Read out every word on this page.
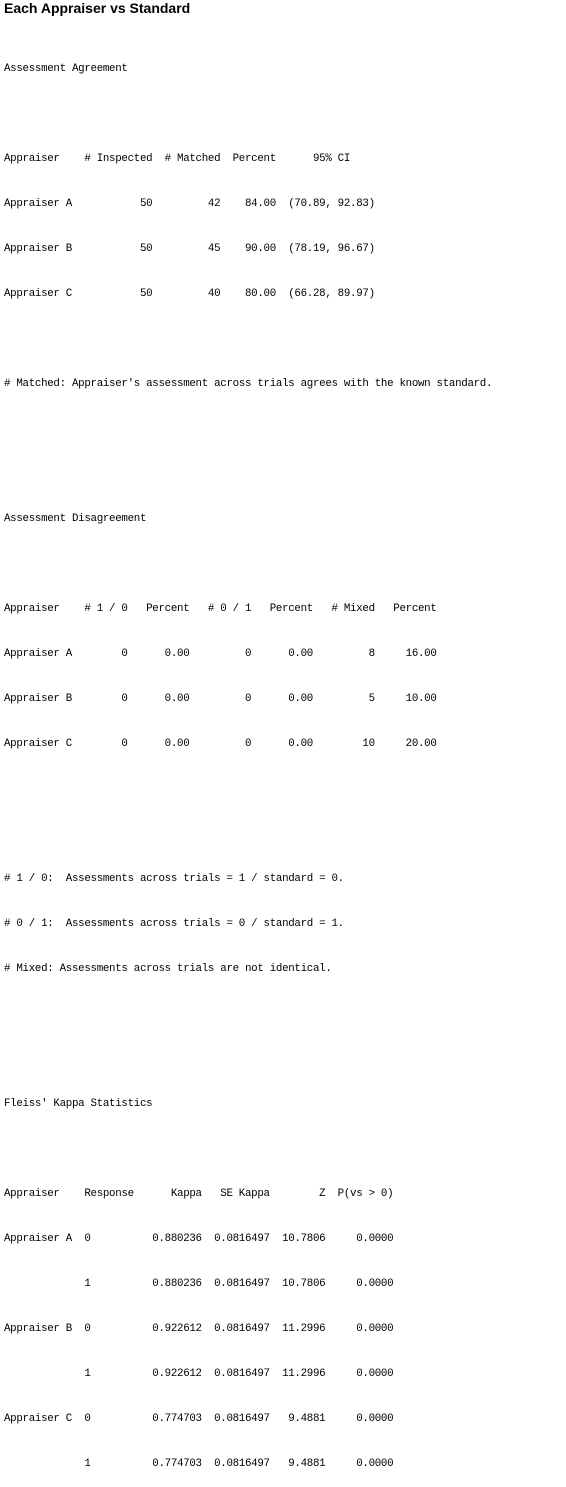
Each Appraiser vs Standard

Assessment Agreement

Appraiser    # Inspected  # Matched  Percent      95% CI

Appraiser A           50         42    84.00  (70.89, 92.83)

Appraiser B           50         45    90.00  (78.19, 96.67)

Appraiser C           50         40    80.00  (66.28, 89.97)

# Matched: Appraiser's assessment across trials agrees with the known standard.

Assessment Disagreement

Appraiser    # 1 / 0   Percent   # 0 / 1   Percent   # Mixed   Percent

Appraiser A        0      0.00         0      0.00         8     16.00

Appraiser B        0      0.00         0      0.00         5     10.00

Appraiser C        0      0.00         0      0.00        10     20.00

# 1 / 0:  Assessments across trials = 1 / standard = 0.

# 0 / 1:  Assessments across trials = 0 / standard = 1.

# Mixed: Assessments across trials are not identical.

Fleiss' Kappa Statistics

Appraiser    Response      Kappa   SE Kappa        Z  P(vs > 0)

Appraiser A  0          0.880236  0.0816497  10.7806     0.0000

1          0.880236  0.0816497  10.7806     0.0000

Appraiser B  0          0.922612  0.0816497  11.2996     0.0000

1          0.922612  0.0816497  11.2996     0.0000

Appraiser C  0          0.774703  0.0816497   9.4881     0.0000

1          0.774703  0.0816497   9.4881     0.0000
